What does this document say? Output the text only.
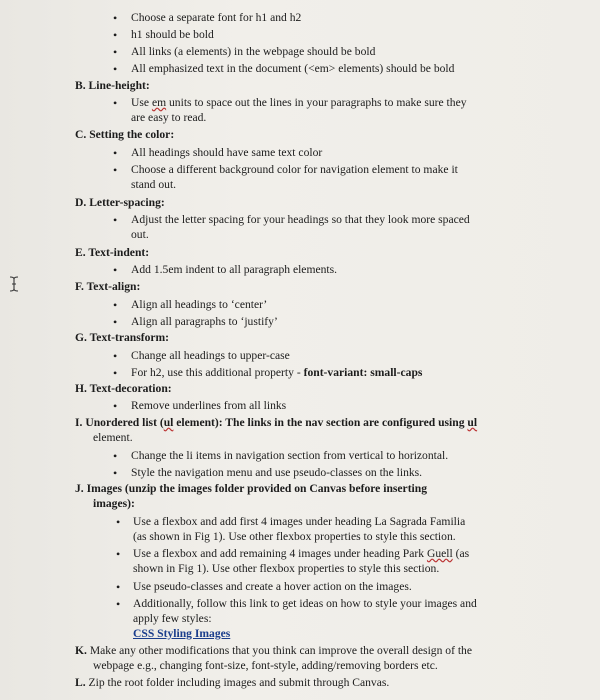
• Choose a separate font for h1 and h2
• h1 should be bold
• All links (a elements) in the webpage should be bold
• All emphasized text in the document (<em> elements) should be bold
B. Line-height:
• Use em units to space out the lines in your paragraphs to make sure they
are easy to read.
C. Setting the color:
• All headings should have same text color
• Choose a different background color for navigation element to make it
stand out.
D. Letter-spacing:
• Adjust the letter spacing for your headings so that they look more spaced
out.
E. Text-indent:
• Add 1.5em indent to all paragraph elements.
F. Text-align:
• Align all headings to ‘center’
• Align all paragraphs to ‘justify’
G. Text-transform:
• Change all headings to upper-case
• For h2, use this additional property - font-variant: small-caps
H. Text-decoration:
• Remove underlines from all links
I. Unordered list (ul element): The links in the nav section are configured using ul
element.
• Change the li items in navigation section from vertical to horizontal.
• Style the navigation menu and use pseudo-classes on the links.
J. Images (unzip the images folder provided on Canvas before inserting
images):
• Use a flexbox and add first 4 images under heading La Sagrada Familia
(as shown in Fig 1). Use other flexbox properties to style this section.
• Use a flexbox and add remaining 4 images under heading Park Guell (as
shown in Fig 1). Use other flexbox properties to style this section.
• Use pseudo-classes and create a hover action on the images.
• Additionally, follow this link to get ideas on how to style your images and
apply few styles:
CSS Styling Images
K. Make any other modifications that you think can improve the overall design of the
webpage e.g., changing font-size, font-style, adding/removing borders etc.
L. Zip the root folder including images and submit through Canvas.
